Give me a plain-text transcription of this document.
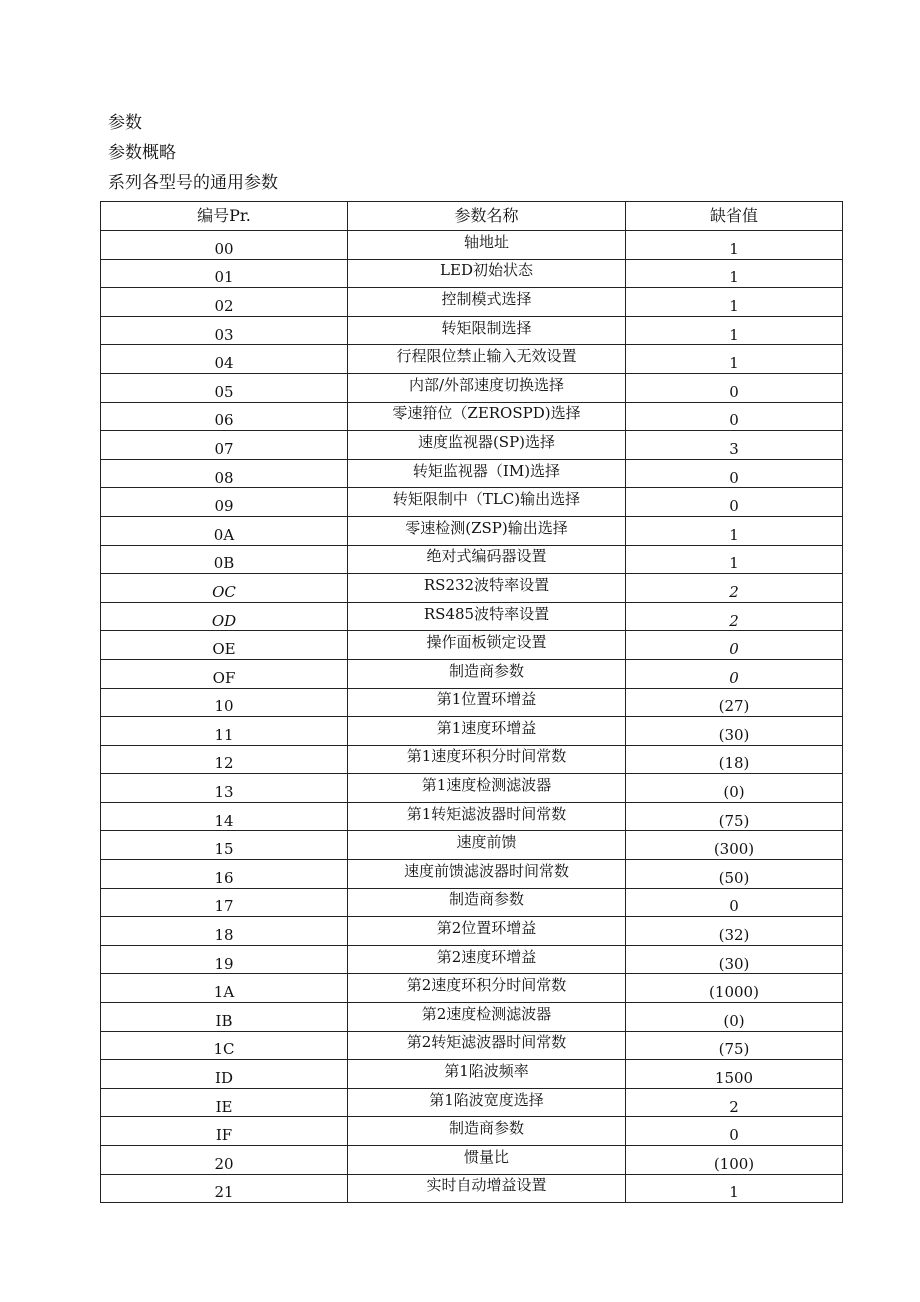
参数
参数概略
系列各型号的通用参数
编号Pr.	参数名称	缺省值
00	轴地址	1
01	LED初始状态	1
02	控制模式选择	1
03	转矩限制选择	1
04	行程限位禁止输入无效设置	1
05	内部/外部速度切换选择	0
06	零速箝位（ZEROSPD)选择	0
07	速度监视器(SP)选择	3
08	转矩监视器（IM)选择	0
09	转矩限制中（TLC)输出选择	0
0A	零速检测(ZSP)输出选择	1
0B	绝对式编码器设置	1
OC	RS232波特率设置	2
OD	RS485波特率设置	2
OE	操作面板锁定设置	0
OF	制造商参数	0
10	第1位置环增益	(27)
11	第1速度环增益	(30)
12	第1速度环积分时间常数	(18)
13	第1速度检测滤波器	(0)
14	第1转矩滤波器时间常数	(75)
15	速度前馈	(300)
16	速度前馈滤波器时间常数	(50)
17	制造商参数	0
18	第2位置环增益	(32)
19	第2速度环增益	(30)
1A	第2速度环积分时间常数	(1000)
IB	第2速度检测滤波器	(0)
1C	第2转矩滤波器时间常数	(75)
ID	第1陷波频率	1500
IE	第1陷波宽度选择	2
IF	制造商参数	0
20	惯量比	(100)
21	实时自动增益设置	1
